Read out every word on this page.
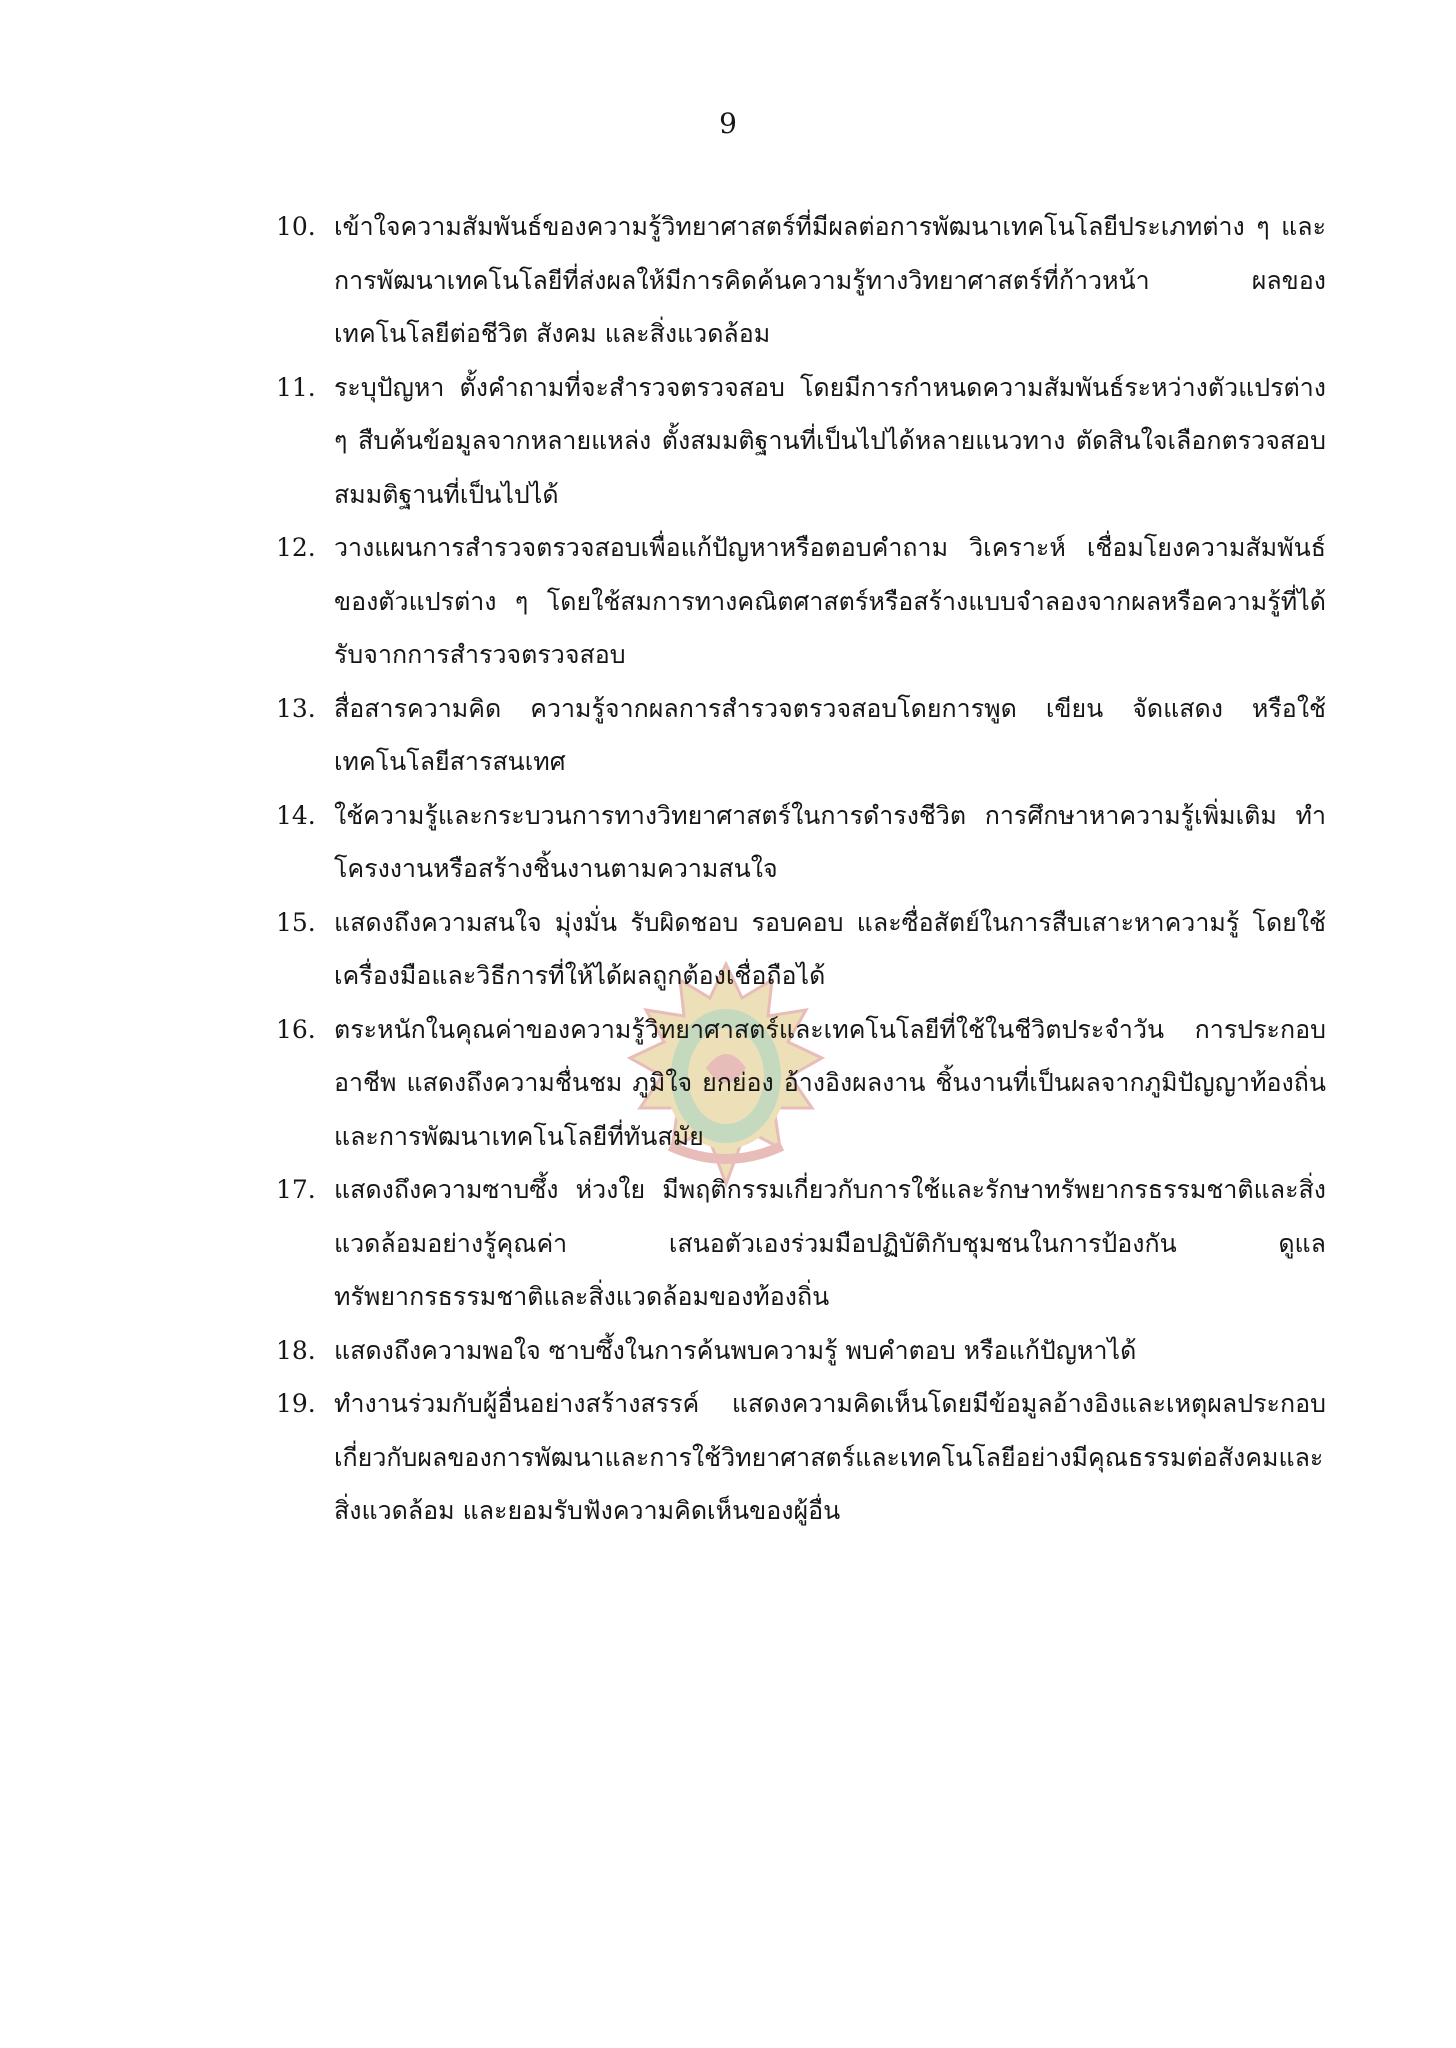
9
10. เข้าใจความสัมพันธ์ของความรู้วิทยาศาสตร์ที่มีผลต่อการพัฒนาเทคโนโลยีประเภทต่าง ๆ และการพัฒนาเทคโนโลยีที่ส่งผลให้มีการคิดค้นความรู้ทางวิทยาศาสตร์ที่ก้าวหน้า ผลของเทคโนโลยีต่อชีวิต สังคม และสิ่งแวดล้อม
11. ระบุปัญหา ตั้งคำถามที่จะสำรวจตรวจสอบ โดยมีการกำหนดความสัมพันธ์ระหว่างตัวแปรต่าง ๆ สืบค้นข้อมูลจากหลายแหล่ง ตั้งสมมติฐานที่เป็นไปได้หลายแนวทาง ตัดสินใจเลือกตรวจสอบสมมติฐานที่เป็นไปได้
12. วางแผนการสำรวจตรวจสอบเพื่อแก้ปัญหาหรือตอบคำถาม วิเคราะห์ เชื่อมโยงความสัมพันธ์ของตัวแปรต่าง ๆ โดยใช้สมการทางคณิตศาสตร์หรือสร้างแบบจำลองจากผลหรือความรู้ที่ได้รับจากการสำรวจตรวจสอบ
13. สื่อสารความคิด ความรู้จากผลการสำรวจตรวจสอบโดยการพูด เขียน จัดแสดง หรือใช้เทคโนโลยีสารสนเทศ
14. ใช้ความรู้และกระบวนการทางวิทยาศาสตร์ในการดำรงชีวิต การศึกษาหาความรู้เพิ่มเติม ทำโครงงานหรือสร้างชิ้นงานตามความสนใจ
15. แสดงถึงความสนใจ มุ่งมั่น รับผิดชอบ รอบคอบ และซื่อสัตย์ในการสืบเสาะหาความรู้ โดยใช้เครื่องมือและวิธีการที่ให้ได้ผลถูกต้องเชื่อถือได้
16. ตระหนักในคุณค่าของความรู้วิทยาศาสตร์และเทคโนโลยีที่ใช้ในชีวิตประจำวัน การประกอบอาชีพ แสดงถึงความชื่นชม ภูมิใจ ยกย่อง อ้างอิงผลงาน ชิ้นงานที่เป็นผลจากภูมิปัญญาท้องถิ่น และการพัฒนาเทคโนโลยีที่ทันสมัย
17. แสดงถึงความซาบซึ้ง ห่วงใย มีพฤติกรรมเกี่ยวกับการใช้และรักษาทรัพยากรธรรมชาติและสิ่งแวดล้อมอย่างรู้คุณค่า เสนอตัวเองร่วมมือปฏิบัติกับชุมชนในการป้องกัน ดูแลทรัพยากรธรรมชาติและสิ่งแวดล้อมของท้องถิ่น
18. แสดงถึงความพอใจ ซาบซึ้งในการค้นพบความรู้ พบคำตอบ หรือแก้ปัญหาได้
19. ทำงานร่วมกับผู้อื่นอย่างสร้างสรรค์ แสดงความคิดเห็นโดยมีข้อมูลอ้างอิงและเหตุผลประกอบ เกี่ยวกับผลของการพัฒนาและการใช้วิทยาศาสตร์และเทคโนโลยีอย่างมีคุณธรรมต่อสังคมและสิ่งแวดล้อม และยอมรับฟังความคิดเห็นของผู้อื่น
